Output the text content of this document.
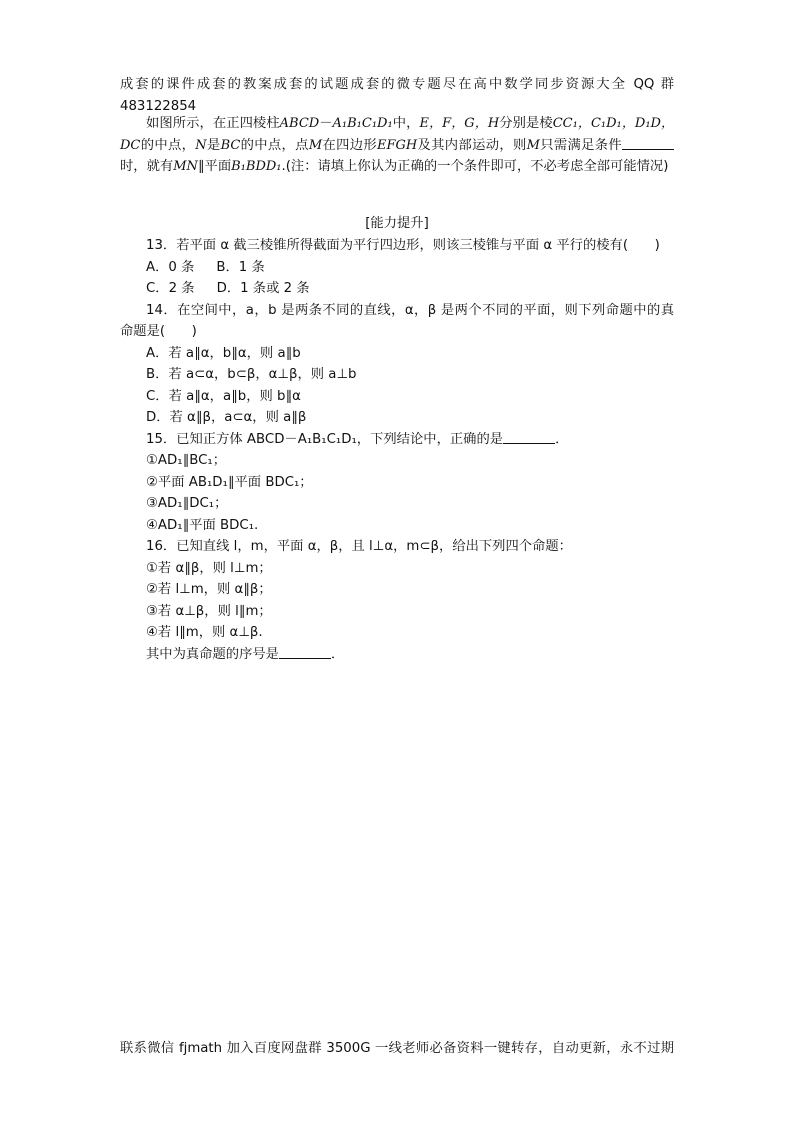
成套的课件成套的教案成套的试题成套的微专题尽在高中数学同步资源大全 QQ 群
483122854

如图所示，在正四棱柱ABCD－A₁B₁C₁D₁中，E，F，G，H分别是棱CC₁，C₁D₁，D₁D，DC的中点，N是BC的中点，点M在四边形EFGH及其内部运动，则M只需满足条件时，就有MN∥平面B₁BDD₁.(注：请填上你认为正确的一个条件即可，不必考虑全部可能情况)

[能力提升]
13．若平面 α 截三棱锥所得截面为平行四边形，则该三棱锥与平面 α 平行的棱有(　　)
A．0 条 B．1 条
C．2 条 D．1 条或 2 条
14．在空间中，a，b 是两条不同的直线，α，β 是两个不同的平面，则下列命题中的真
命题是(　　)
A．若 a∥α，b∥α，则 a∥b
B．若 a⊂α，b⊂β，α⊥β，则 a⊥b
C．若 a∥α，a∥b，则 b∥α
D．若 α∥β，a⊂α，则 a∥β
15．已知正方体 ABCD－A₁B₁C₁D₁，下列结论中，正确的是	．
①AD₁∥BC₁；
②平面 AB₁D₁∥平面 BDC₁；
③AD₁∥DC₁；
④AD₁∥平面 BDC₁.
16．已知直线 l，m，平面 α，β，且 l⊥α，m⊂β，给出下列四个命题：
①若 α∥β，则 l⊥m；
②若 l⊥m，则 α∥β；
③若 α⊥β，则 l∥m；
④若 l∥m，则 α⊥β.
其中为真命题的序号是	．
联系微信 fjmath 加入百度网盘群 3500G 一线老师必备资料一键转存，自动更新，永不过期
